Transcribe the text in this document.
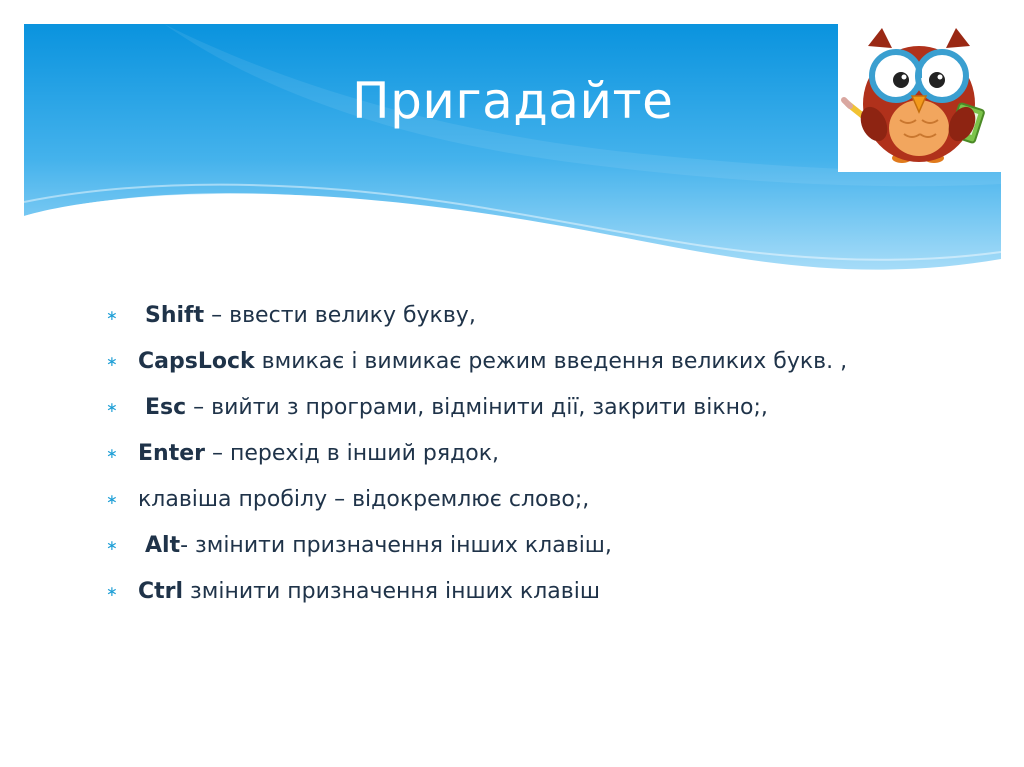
Пригадайте
∗ Shift – ввести велику букву,
∗ CapsLock вмикає і вимикає режим введення великих букв. ,
∗ Esc – вийти з програми, відмінити дії, закрити вікно;,
∗ Enter – перехід в інший рядок,
∗ клавіша пробілу – відокремлює слово;,
∗ Alt- змінити призначення інших клавіш,
∗ Ctrl змінити призначення інших клавіш
